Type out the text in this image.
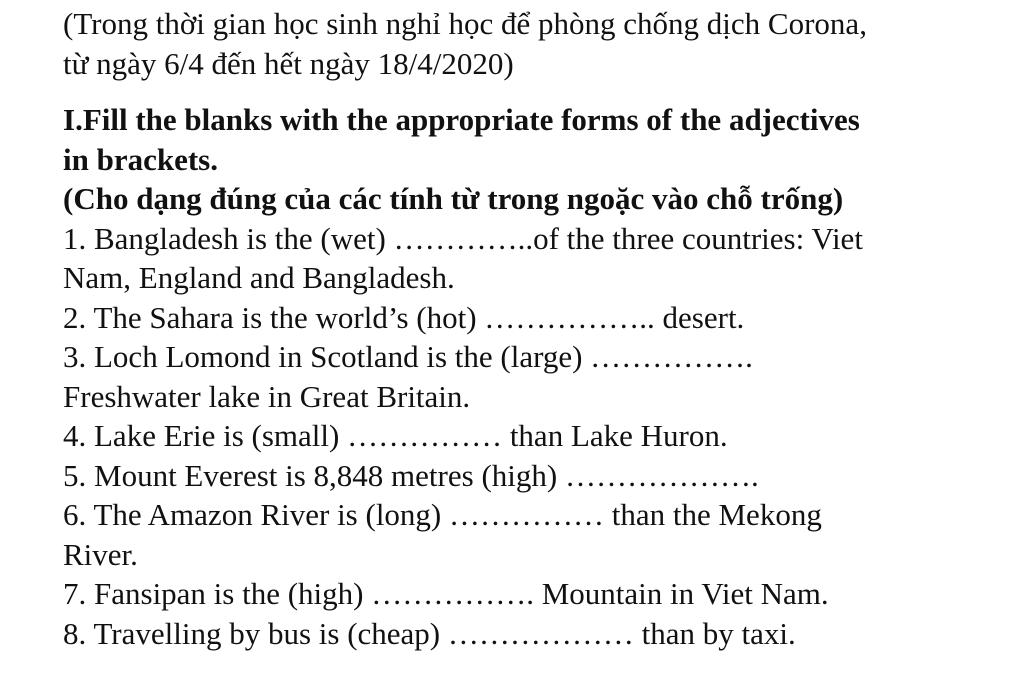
(Trong thời gian học sinh nghỉ học để phòng chống dịch Corona,
từ ngày 6/4 đến hết ngày 18/4/2020)
I.Fill the blanks with the appropriate forms of the adjectives
in brackets.
(Cho dạng đúng của các tính từ trong ngoặc vào chỗ trống)
1. Bangladesh is the (wet) …………..of the three countries: Viet
Nam, England and Bangladesh.
2. The Sahara is the world’s (hot) …………….. desert.
3. Loch Lomond in Scotland is the (large) …………….
Freshwater lake in Great Britain.
4. Lake Erie is (small) …………… than Lake Huron.
5. Mount Everest is 8,848 metres (high) ……………….
6. The Amazon River is (long) …………… than the Mekong
River.
7. Fansipan is the (high) ……………. Mountain in Viet Nam.
8. Travelling by bus is (cheap) ……………… than by taxi.
